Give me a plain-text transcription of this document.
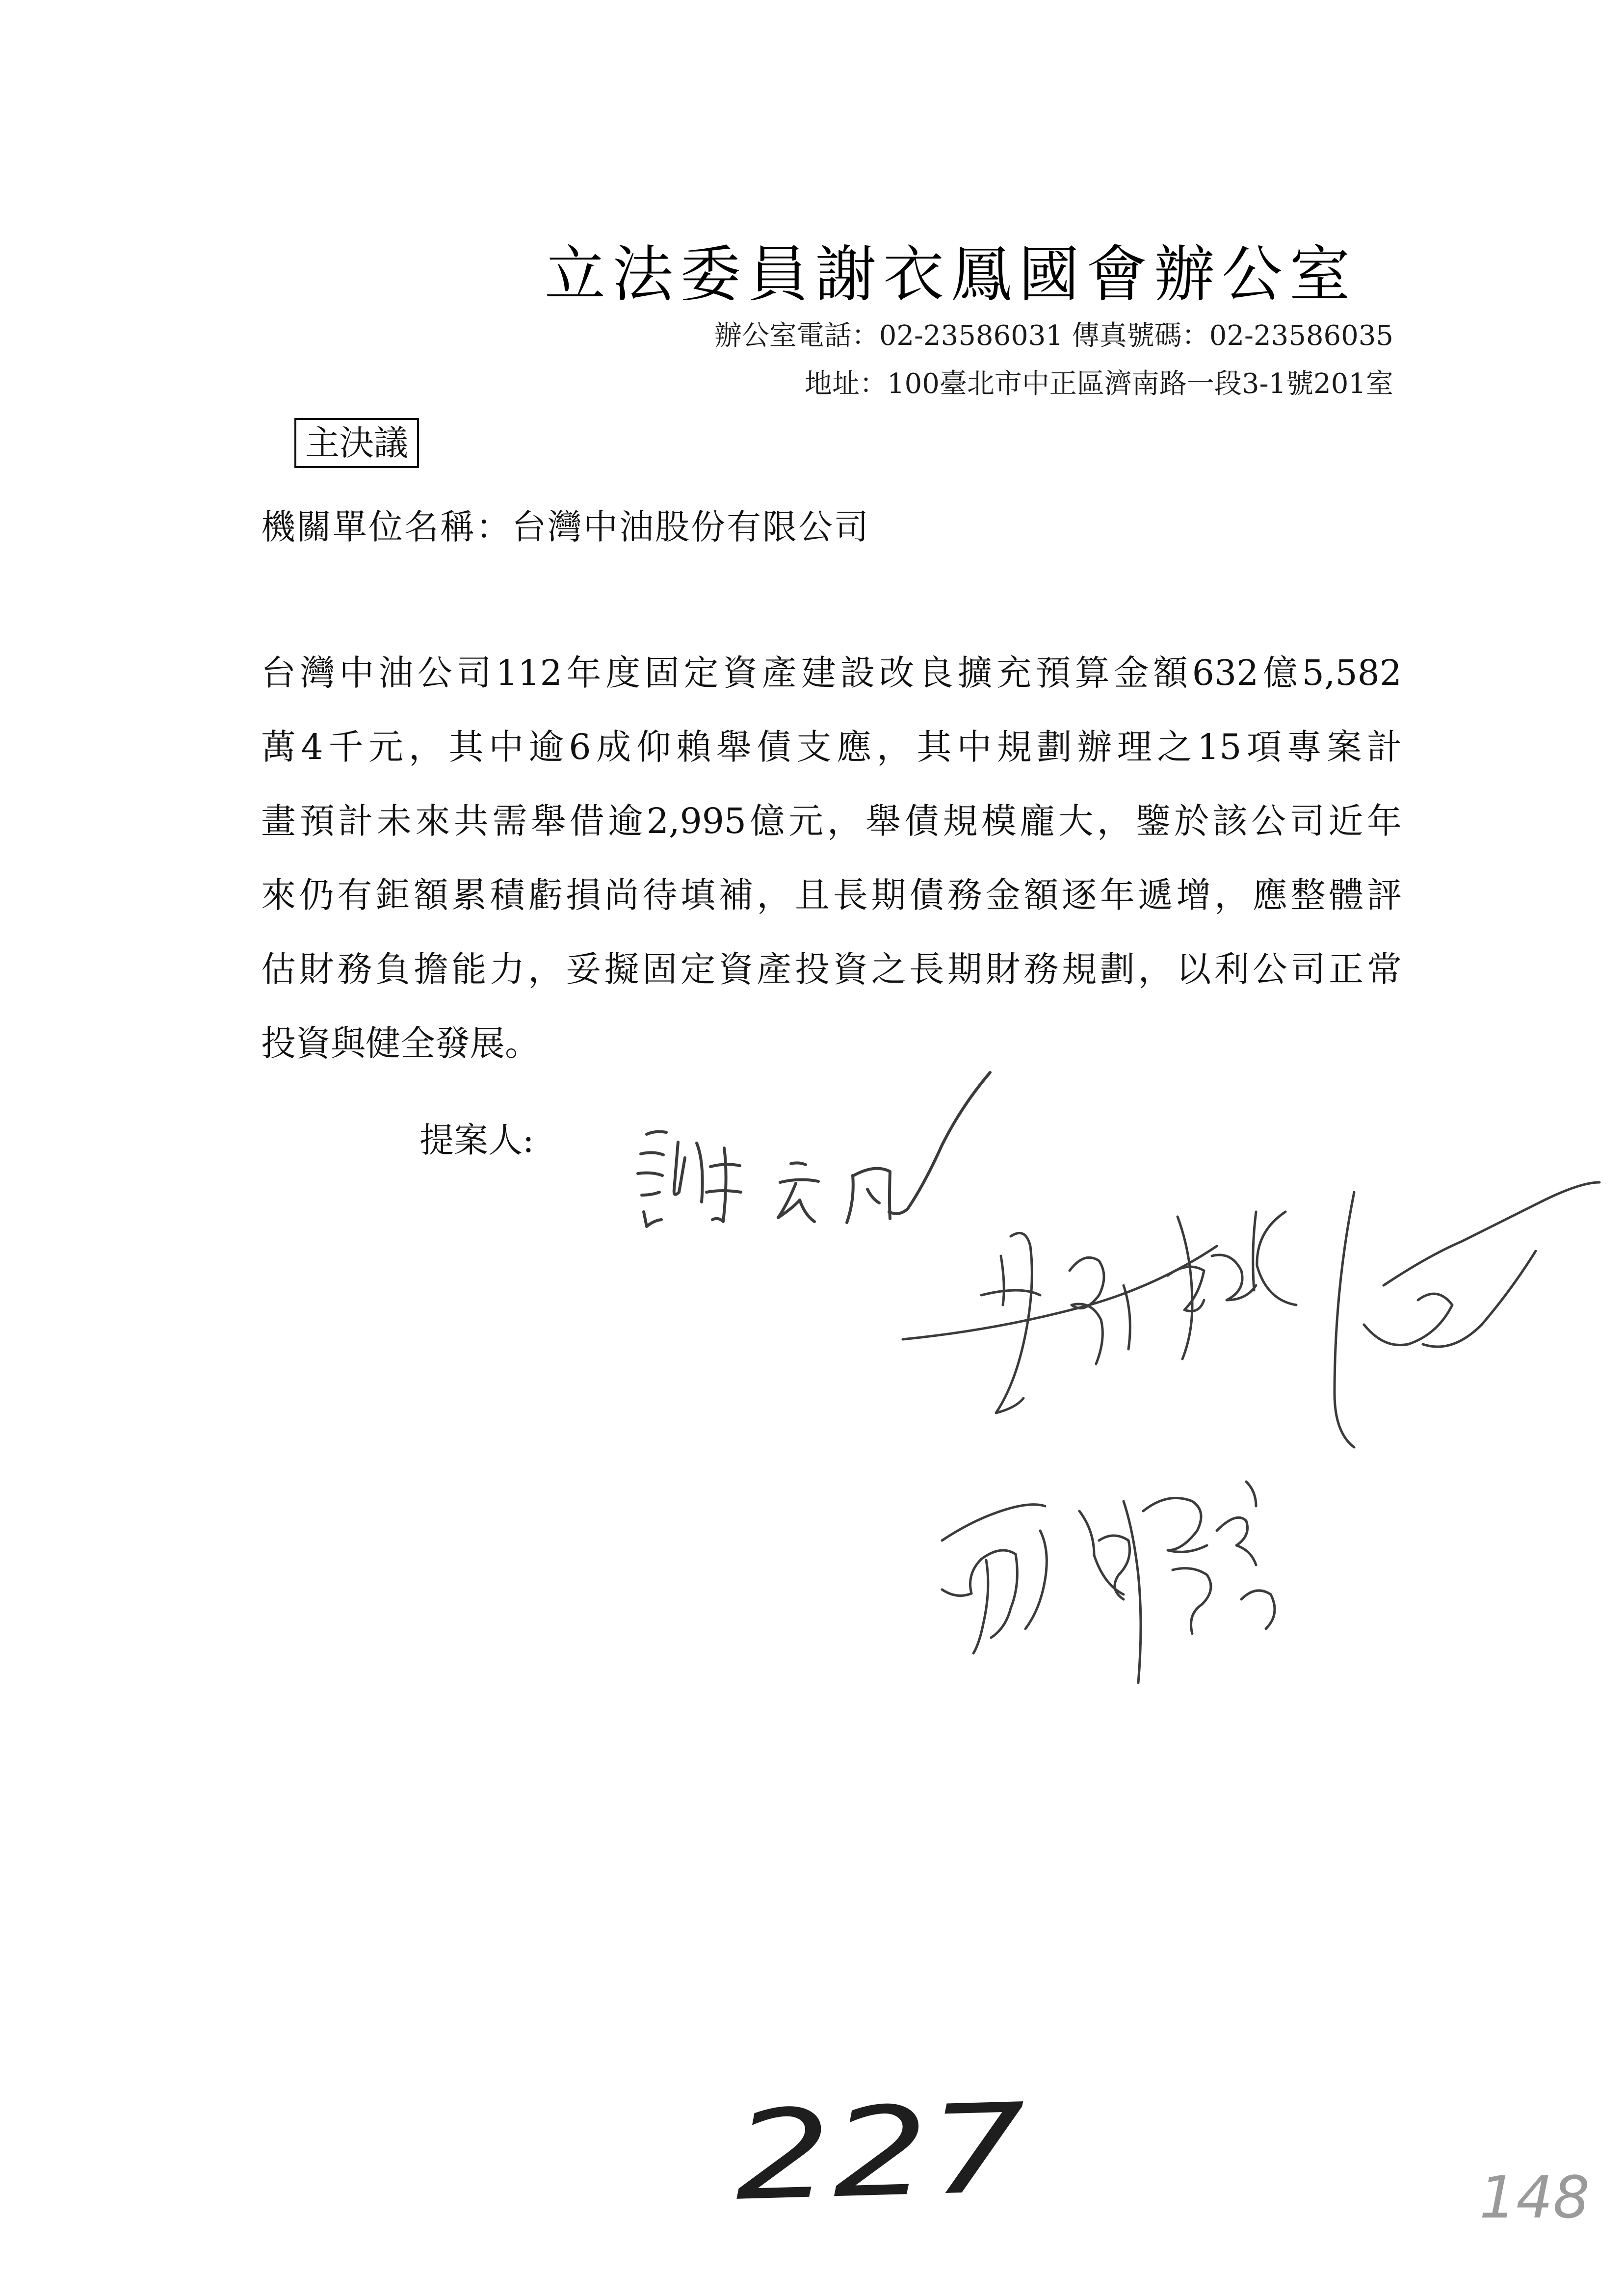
立法委員謝衣鳳國會辦公室
辦公室電話：02-23586031 傳真號碼：02-23586035
地址：100臺北市中正區濟南路一段3-1號201室
主決議
機關單位名稱：台灣中油股份有限公司
台灣中油公司112年度固定資產建設改良擴充預算金額632億5,582
萬4千元，其中逾6成仰賴舉債支應，其中規劃辦理之15項專案計
畫預計未來共需舉借逾2,995億元，舉債規模龐大，鑒於該公司近年
來仍有鉅額累積虧損尚待填補，且長期債務金額逐年遞增，應整體評
估財務負擔能力，妥擬固定資產投資之長期財務規劃，以利公司正常
投資與健全發展。
提案人:
227	148
